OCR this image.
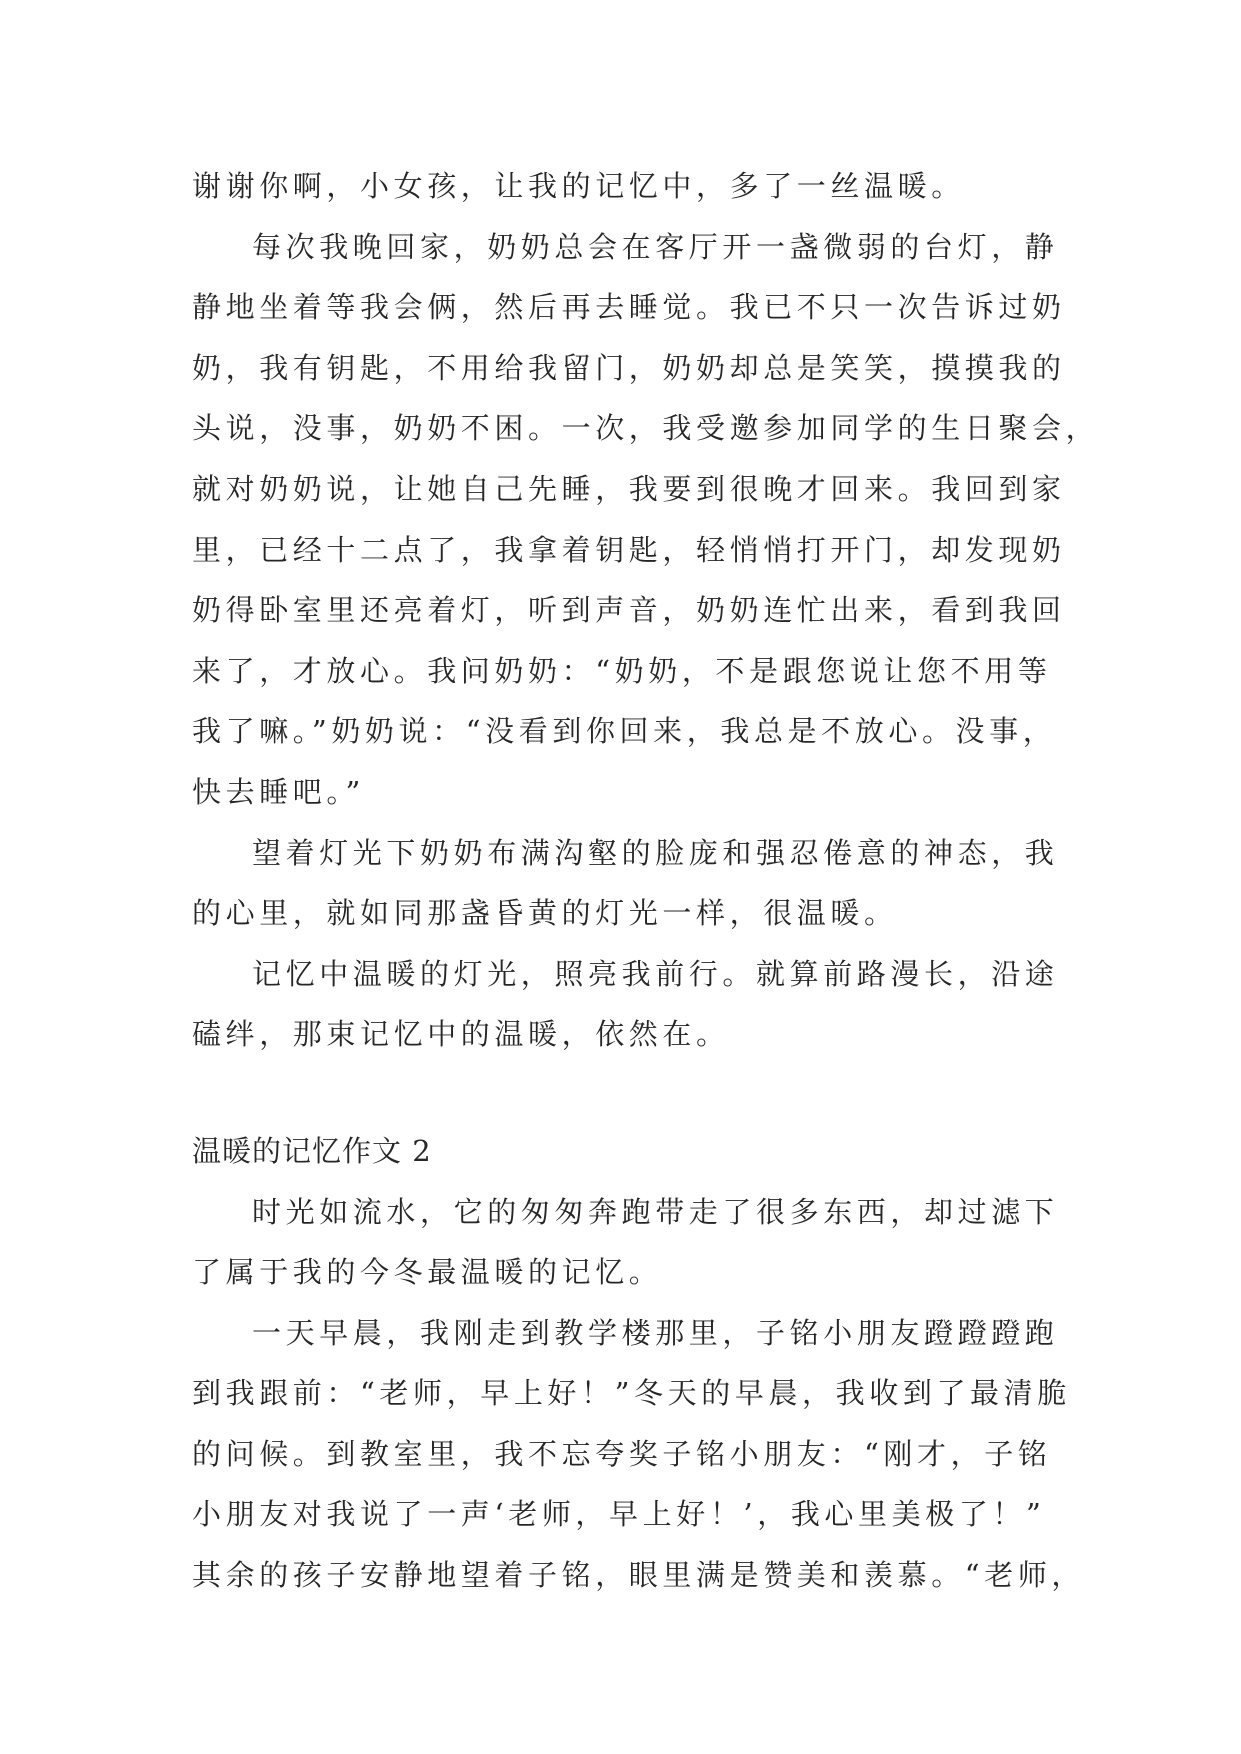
谢谢你啊，小女孩，让我的记忆中，多了一丝温暖。
每次我晚回家，奶奶总会在客厅开一盏微弱的台灯，静
静地坐着等我会俩，然后再去睡觉。我已不只一次告诉过奶
奶，我有钥匙，不用给我留门，奶奶却总是笑笑，摸摸我的
头说，没事，奶奶不困。一次，我受邀参加同学的生日聚会，
就对奶奶说，让她自己先睡，我要到很晚才回来。我回到家
里，已经十二点了，我拿着钥匙，轻悄悄打开门，却发现奶
奶得卧室里还亮着灯，听到声音，奶奶连忙出来，看到我回
来了，才放心。我问奶奶：“奶奶，不是跟您说让您不用等
我了嘛。”奶奶说：“没看到你回来，我总是不放心。没事，
快去睡吧。”
望着灯光下奶奶布满沟壑的脸庞和强忍倦意的神态，我
的心里，就如同那盏昏黄的灯光一样，很温暖。
记忆中温暖的灯光，照亮我前行。就算前路漫长，沿途
磕绊，那束记忆中的温暖，依然在。
温暖的记忆作文 2
时光如流水，它的匆匆奔跑带走了很多东西，却过滤下
了属于我的今冬最温暖的记忆。
一天早晨，我刚走到教学楼那里，子铭小朋友蹬蹬蹬跑
到我跟前：“老师，早上好！”冬天的早晨，我收到了最清脆
的问候。到教室里，我不忘夸奖子铭小朋友：“刚才，子铭
小朋友对我说了一声‘老师，早上好！’，我心里美极了！”
其余的孩子安静地望着子铭，眼里满是赞美和羡慕。“老师，
